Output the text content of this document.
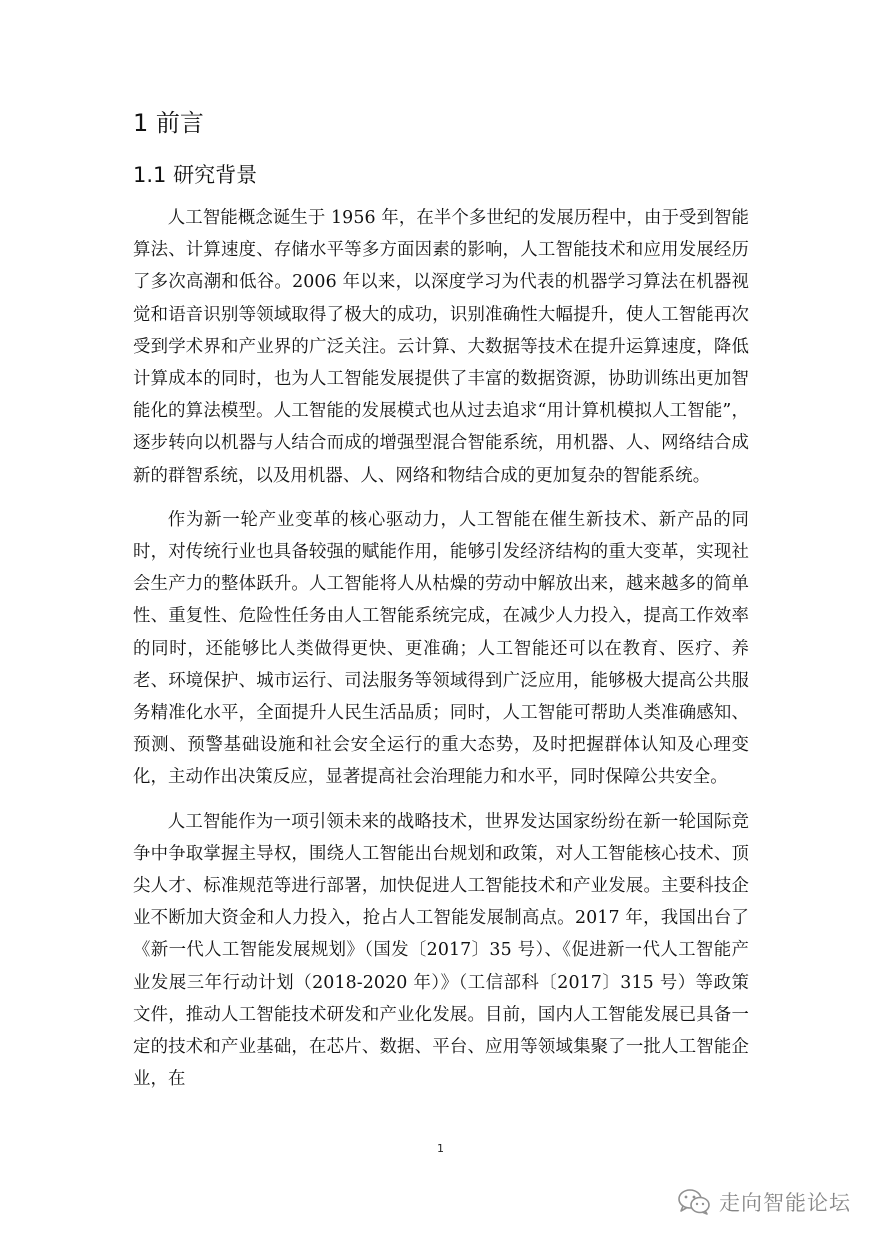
1 前言
1.1 研究背景

人工智能概念诞生于 1956 年，在半个多世纪的发展历程中，由于受到智能算法、计算速度、存储水平等多方面因素的影响，人工智能技术和应用发展经历了多次高潮和低谷。2006 年以来，以深度学习为代表的机器学习算法在机器视觉和语音识别等领域取得了极大的成功，识别准确性大幅提升，使人工智能再次受到学术界和产业界的广泛关注。云计算、大数据等技术在提升运算速度，降低计算成本的同时，也为人工智能发展提供了丰富的数据资源，协助训练出更加智能化的算法模型。人工智能的发展模式也从过去追求“用计算机模拟人工智能”，逐步转向以机器与人结合而成的增强型混合智能系统，用机器、人、网络结合成新的群智系统，以及用机器、人、网络和物结合成的更加复杂的智能系统。

作为新一轮产业变革的核心驱动力，人工智能在催生新技术、新产品的同时，对传统行业也具备较强的赋能作用，能够引发经济结构的重大变革，实现社会生产力的整体跃升。人工智能将人从枯燥的劳动中解放出来，越来越多的简单性、重复性、危险性任务由人工智能系统完成，在减少人力投入，提高工作效率的同时，还能够比人类做得更快、更准确；人工智能还可以在教育、医疗、养老、环境保护、城市运行、司法服务等领域得到广泛应用，能够极大提高公共服务精准化水平，全面提升人民生活品质；同时，人工智能可帮助人类准确感知、预测、预警基础设施和社会安全运行的重大态势，及时把握群体认知及心理变化，主动作出决策反应，显著提高社会治理能力和水平，同时保障公共安全。

人工智能作为一项引领未来的战略技术，世界发达国家纷纷在新一轮国际竞争中争取掌握主导权，围绕人工智能出台规划和政策，对人工智能核心技术、顶尖人才、标准规范等进行部署，加快促进人工智能技术和产业发展。主要科技企业不断加大资金和人力投入，抢占人工智能发展制高点。2017 年，我国出台了《新一代人工智能发展规划》（国发〔2017〕35 号）、《促进新一代人工智能产业发展三年行动计划（2018-2020 年）》（工信部科〔2017〕315 号）等政策文件，推动人工智能技术研发和产业化发展。目前，国内人工智能发展已具备一定的技术和产业基础，在芯片、数据、平台、应用等领域集聚了一批人工智能企业，在

1
走向智能论坛
